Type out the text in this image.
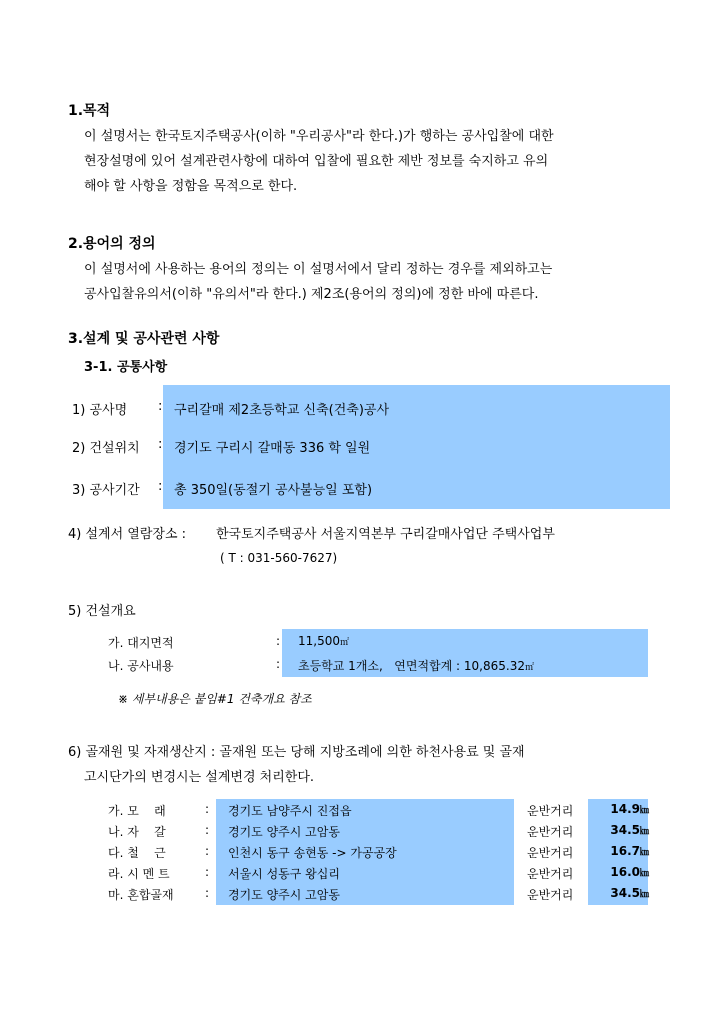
1.목적
이 설명서는 한국토지주택공사(이하 "우리공사"라 한다.)가 행하는 공사입찰에 대한
현장설명에 있어 설계관련사항에 대하여 입찰에 필요한 제반 정보를 숙지하고 유의
해야 할 사항을 정함을 목적으로 한다.
2.용어의 정의
이 설명서에 사용하는 용어의 정의는 이 설명서에서 달리 정하는 경우를 제외하고는
공사입찰유의서(이하 "유의서"라 한다.) 제2조(용어의 정의)에 정한 바에 따른다.
3.설계 및 공사관련 사항
3-1. 공통사항
1) 공사명 : 구리갈매 제2초등학교 신축(건축)공사
2) 건설위치 : 경기도 구리시 갈매동 336 학 일원
3) 공사기간 : 총 350일(동절기 공사불능일 포함)
4) 설계서 열람장소 : 한국토지주택공사 서울지역본부 구리갈매사업단 주택사업부
( T : 031-560-7627)
5) 건설개요
가. 대지면적	: 11,500㎡
나. 공사내용	: 초등학교 1개소,   연면적합계 : 10,865.32㎡
※ 세부내용은 붙임#1 건축개요 참조
6) 골재원 및 자재생산지 : 골재원 또는 당해 지방조례에 의한 하천사용료 및 골재
고시단가의 변경시는 설계변경 처리한다.
가. 모    래	: 경기도 남양주시 진접읍	운반거리	14.9㎞
나. 자    갈	: 경기도 양주시 고암동	운반거리	34.5㎞
다. 철    근	: 인천시 동구 송현동 -> 가공공장	운반거리	16.7㎞
라. 시 멘 트	: 서울시 성동구 왕십리	운반거리	16.0㎞
마. 혼합골재	: 경기도 양주시 고암동	운반거리	34.5㎞
